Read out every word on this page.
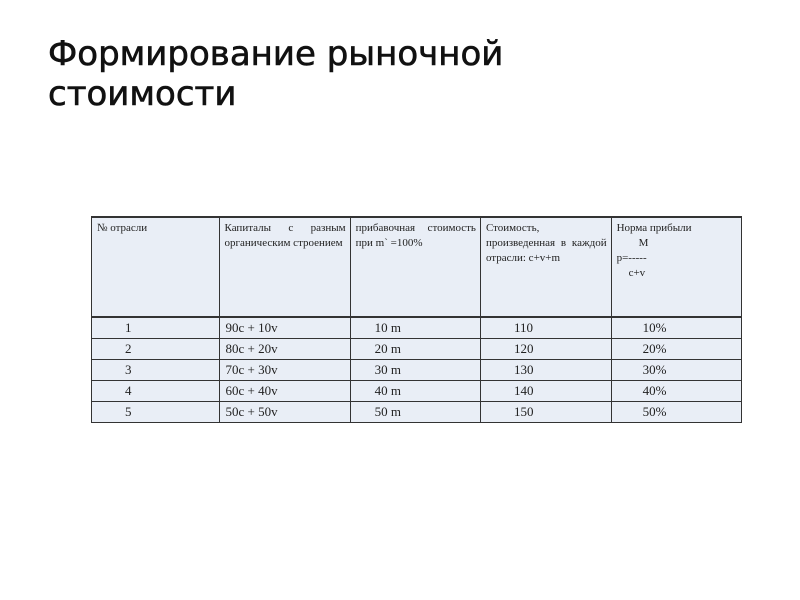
Формирование рыночной
стоимости
№ отрасли	Капиталы с разным органическим строением	прибавочная стоимость при m` =100%	Стоимость, произведенная в каждой отрасли: c+v+m	Норма прибыли
M
p=-----
c+v

1	90c + 10v	10 m	110	10%
2	80c + 20v	20 m	120	20%
3	70c + 30v	30 m	130	30%
4	60c + 40v	40 m	140	40%
5	50c + 50v	50 m	150	50%
